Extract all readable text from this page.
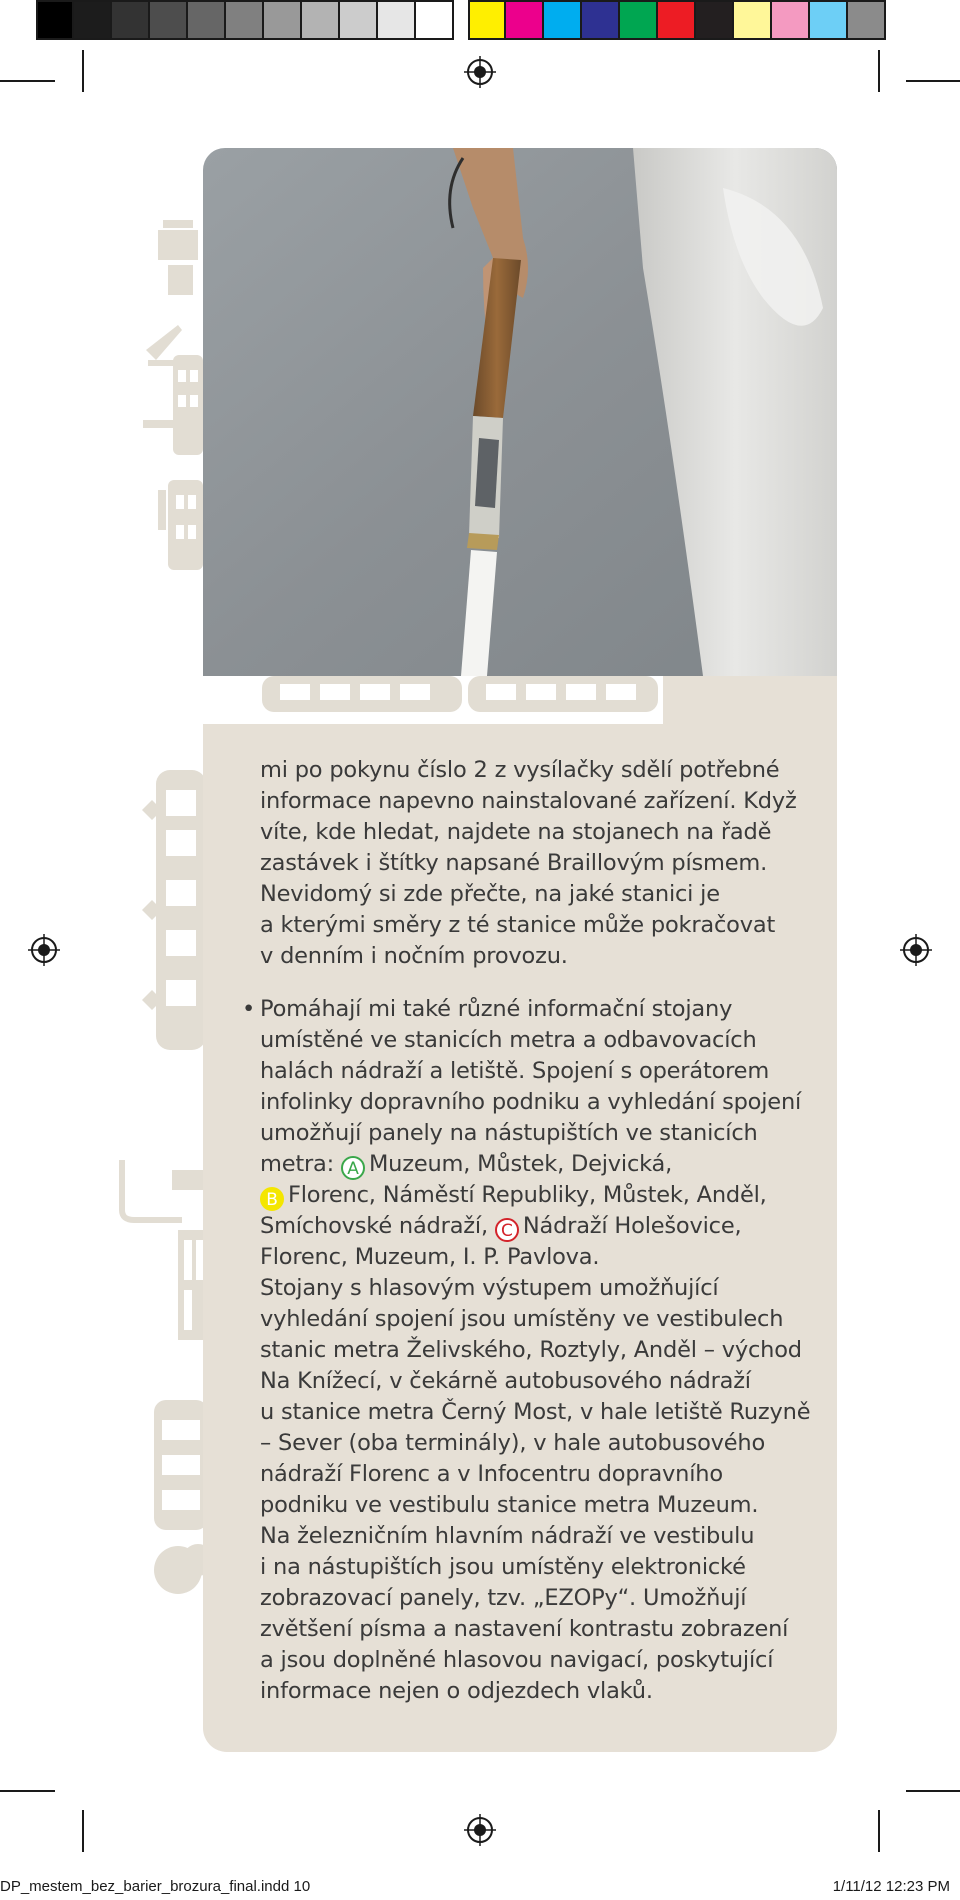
mi po pokynu číslo 2 z vysílačky sdělí potřebné
informace napevno nainstalované zařízení. Když
víte, kde hledat, najdete na stojanech na řadě
zastávek i štítky napsané Braillovým písmem.
Nevidomý si zde přečte, na jaké stanici je
a kterými směry z té stanice může pokračovat
v denním i nočním provozu.

• Pomáhají mi také různé informační stojany
umístěné ve stanicích metra a odbavovacích
halách nádraží a letiště. Spojení s operátorem
infolinky dopravního podniku a vyhledání spojení
umožňují panely na nástupištích ve stanicích

metra: A Muzeum, Můstek, Dejvická,

B Florenc, Náměstí Republiky, Můstek, Anděl,

Smíchovské nádraží, C Nádraží Holešovice,

Florenc, Muzeum, I. P. Pavlova.
Stojany s hlasovým výstupem umožňující
vyhledání spojení jsou umístěny ve vestibulech
stanic metra Želivského, Roztyly, Anděl – východ
Na Knížecí, v čekárně autobusového nádraží
u stanice metra Černý Most, v hale letiště Ruzyně
– Sever (oba terminály), v hale autobusového
nádraží Florenc a v Infocentru dopravního
podniku ve vestibulu stanice metra Muzeum.
Na železničním hlavním nádraží ve vestibulu
i na nástupištích jsou umístěny elektronické
zobrazovací panely, tzv. „EZOPy“. Umožňují
zvětšení písma a nastavení kontrastu zobrazení
a jsou doplněné hlasovou navigací, poskytující
informace nejen o odjezdech vlaků.

DP_mestem_bez_barier_brozura_final.indd 10	1/11/12 12:23 PM
